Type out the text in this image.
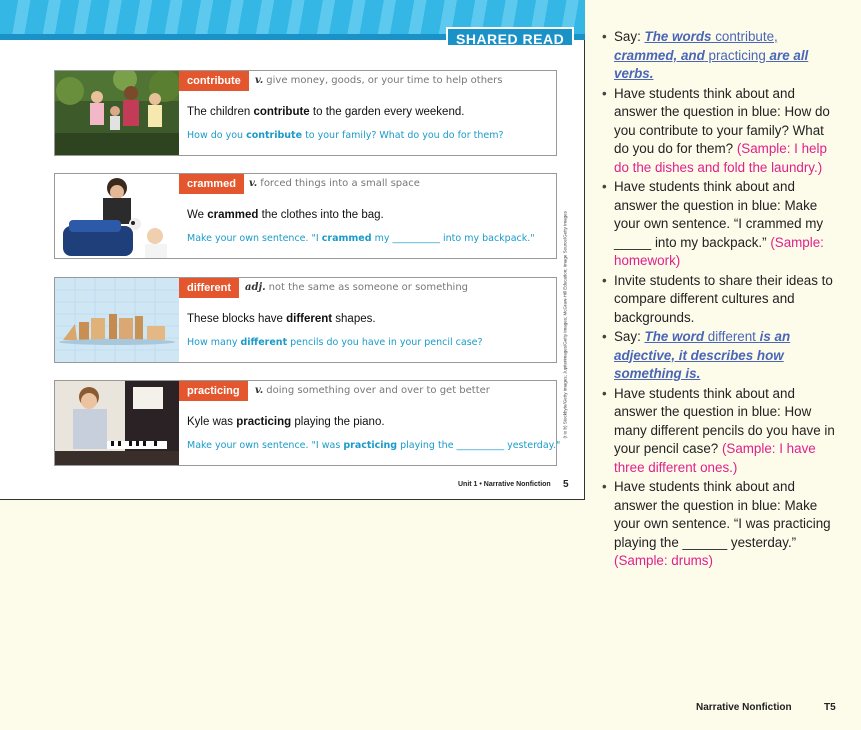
SHARED READ
contribute	v. give money, goods, or your time to help others
The children contribute to the garden every weekend.
How do you contribute to your family? What do you do for them?
crammed	v. forced things into a small space
We crammed the clothes into the bag.
Make your own sentence. "I crammed my __________ into my backpack."
different	adj. not the same as someone or something
These blocks have different shapes.
How many different pencils do you have in your pencil case?
practicing	v. doing something over and over to get better
Kyle was practicing playing the piano.
Make your own sentence. "I was practicing playing the __________ yesterday."
(t to b) Stockbyte/Getty Images; Jupiterimages/Getty Images; McGraw-Hill Education; Image Source/Getty Images
Unit 1 • Narrative Nonfiction 5
• Say: The words contribute, crammed, and practicing are all verbs.
• Have students think about and answer the question in blue: How do you contribute to your family? What do you do for them? (Sample: I help do the dishes and fold the laundry.)
• Have students think about and answer the question in blue: Make your own sentence. “I crammed my _____ into my backpack.” (Sample: homework)
• Invite students to share their ideas to compare different cultures and backgrounds.
• Say: The word different is an adjective, it describes how something is.
• Have students think about and answer the question in blue: How many different pencils do you have in your pencil case? (Sample: I have three different ones.)
• Have students think about and answer the question in blue: Make your own sentence. “I was practicing playing the ______ yesterday.” (Sample: drums)
Narrative Nonfiction	T5
